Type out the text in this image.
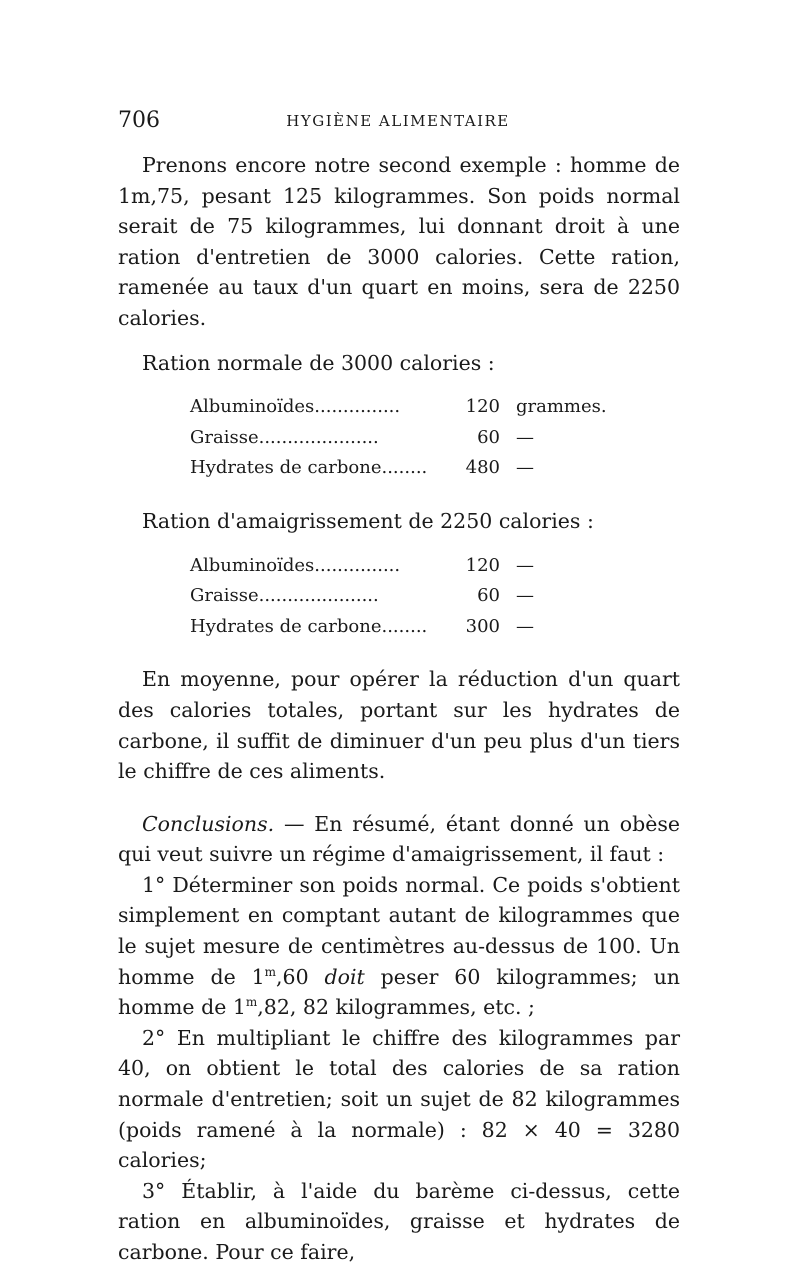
706	HYGIÈNE ALIMENTAIRE

Prenons encore notre second exemple : homme de 1m,75, pesant 125 kilogrammes. Son poids normal serait de 75 kilogrammes, lui donnant droit à une ration d'entretien de 3000 calories. Cette ration, ramenée au taux d'un quart en moins, sera de 2250 calories.

Ration normale de 3000 calories :

Albuminoïdes...............	120	grammes.
Graisse.....................	60	—
Hydrates de carbone........	480	—

Ration d'amaigrissement de 2250 calories :

Albuminoïdes...............	120	—
Graisse.....................	60	—
Hydrates de carbone........	300	—

En moyenne, pour opérer la réduction d'un quart des calories totales, portant sur les hydrates de carbone, il suffit de diminuer d'un peu plus d'un tiers le chiffre de ces aliments.

Conclusions. — En résumé, étant donné un obèse qui veut suivre un régime d'amaigrissement, il faut :

1° Déterminer son poids normal. Ce poids s'obtient simplement en comptant autant de kilogrammes que le sujet mesure de centimètres au-dessus de 100. Un homme de 1$^m$,60 doit peser 60 kilogrammes; un homme de 1$^m$,82, 82 kilogrammes, etc. ;

2° En multipliant le chiffre des kilogrammes par 40, on obtient le total des calories de sa ration normale d'entretien; soit un sujet de 82 kilogrammes (poids ramené à la normale) : 82 × 40 = 3280 calories;

3° Établir, à l'aide du barème ci-dessus, cette ration en albuminoïdes, graisse et hydrates de carbone. Pour ce faire,
